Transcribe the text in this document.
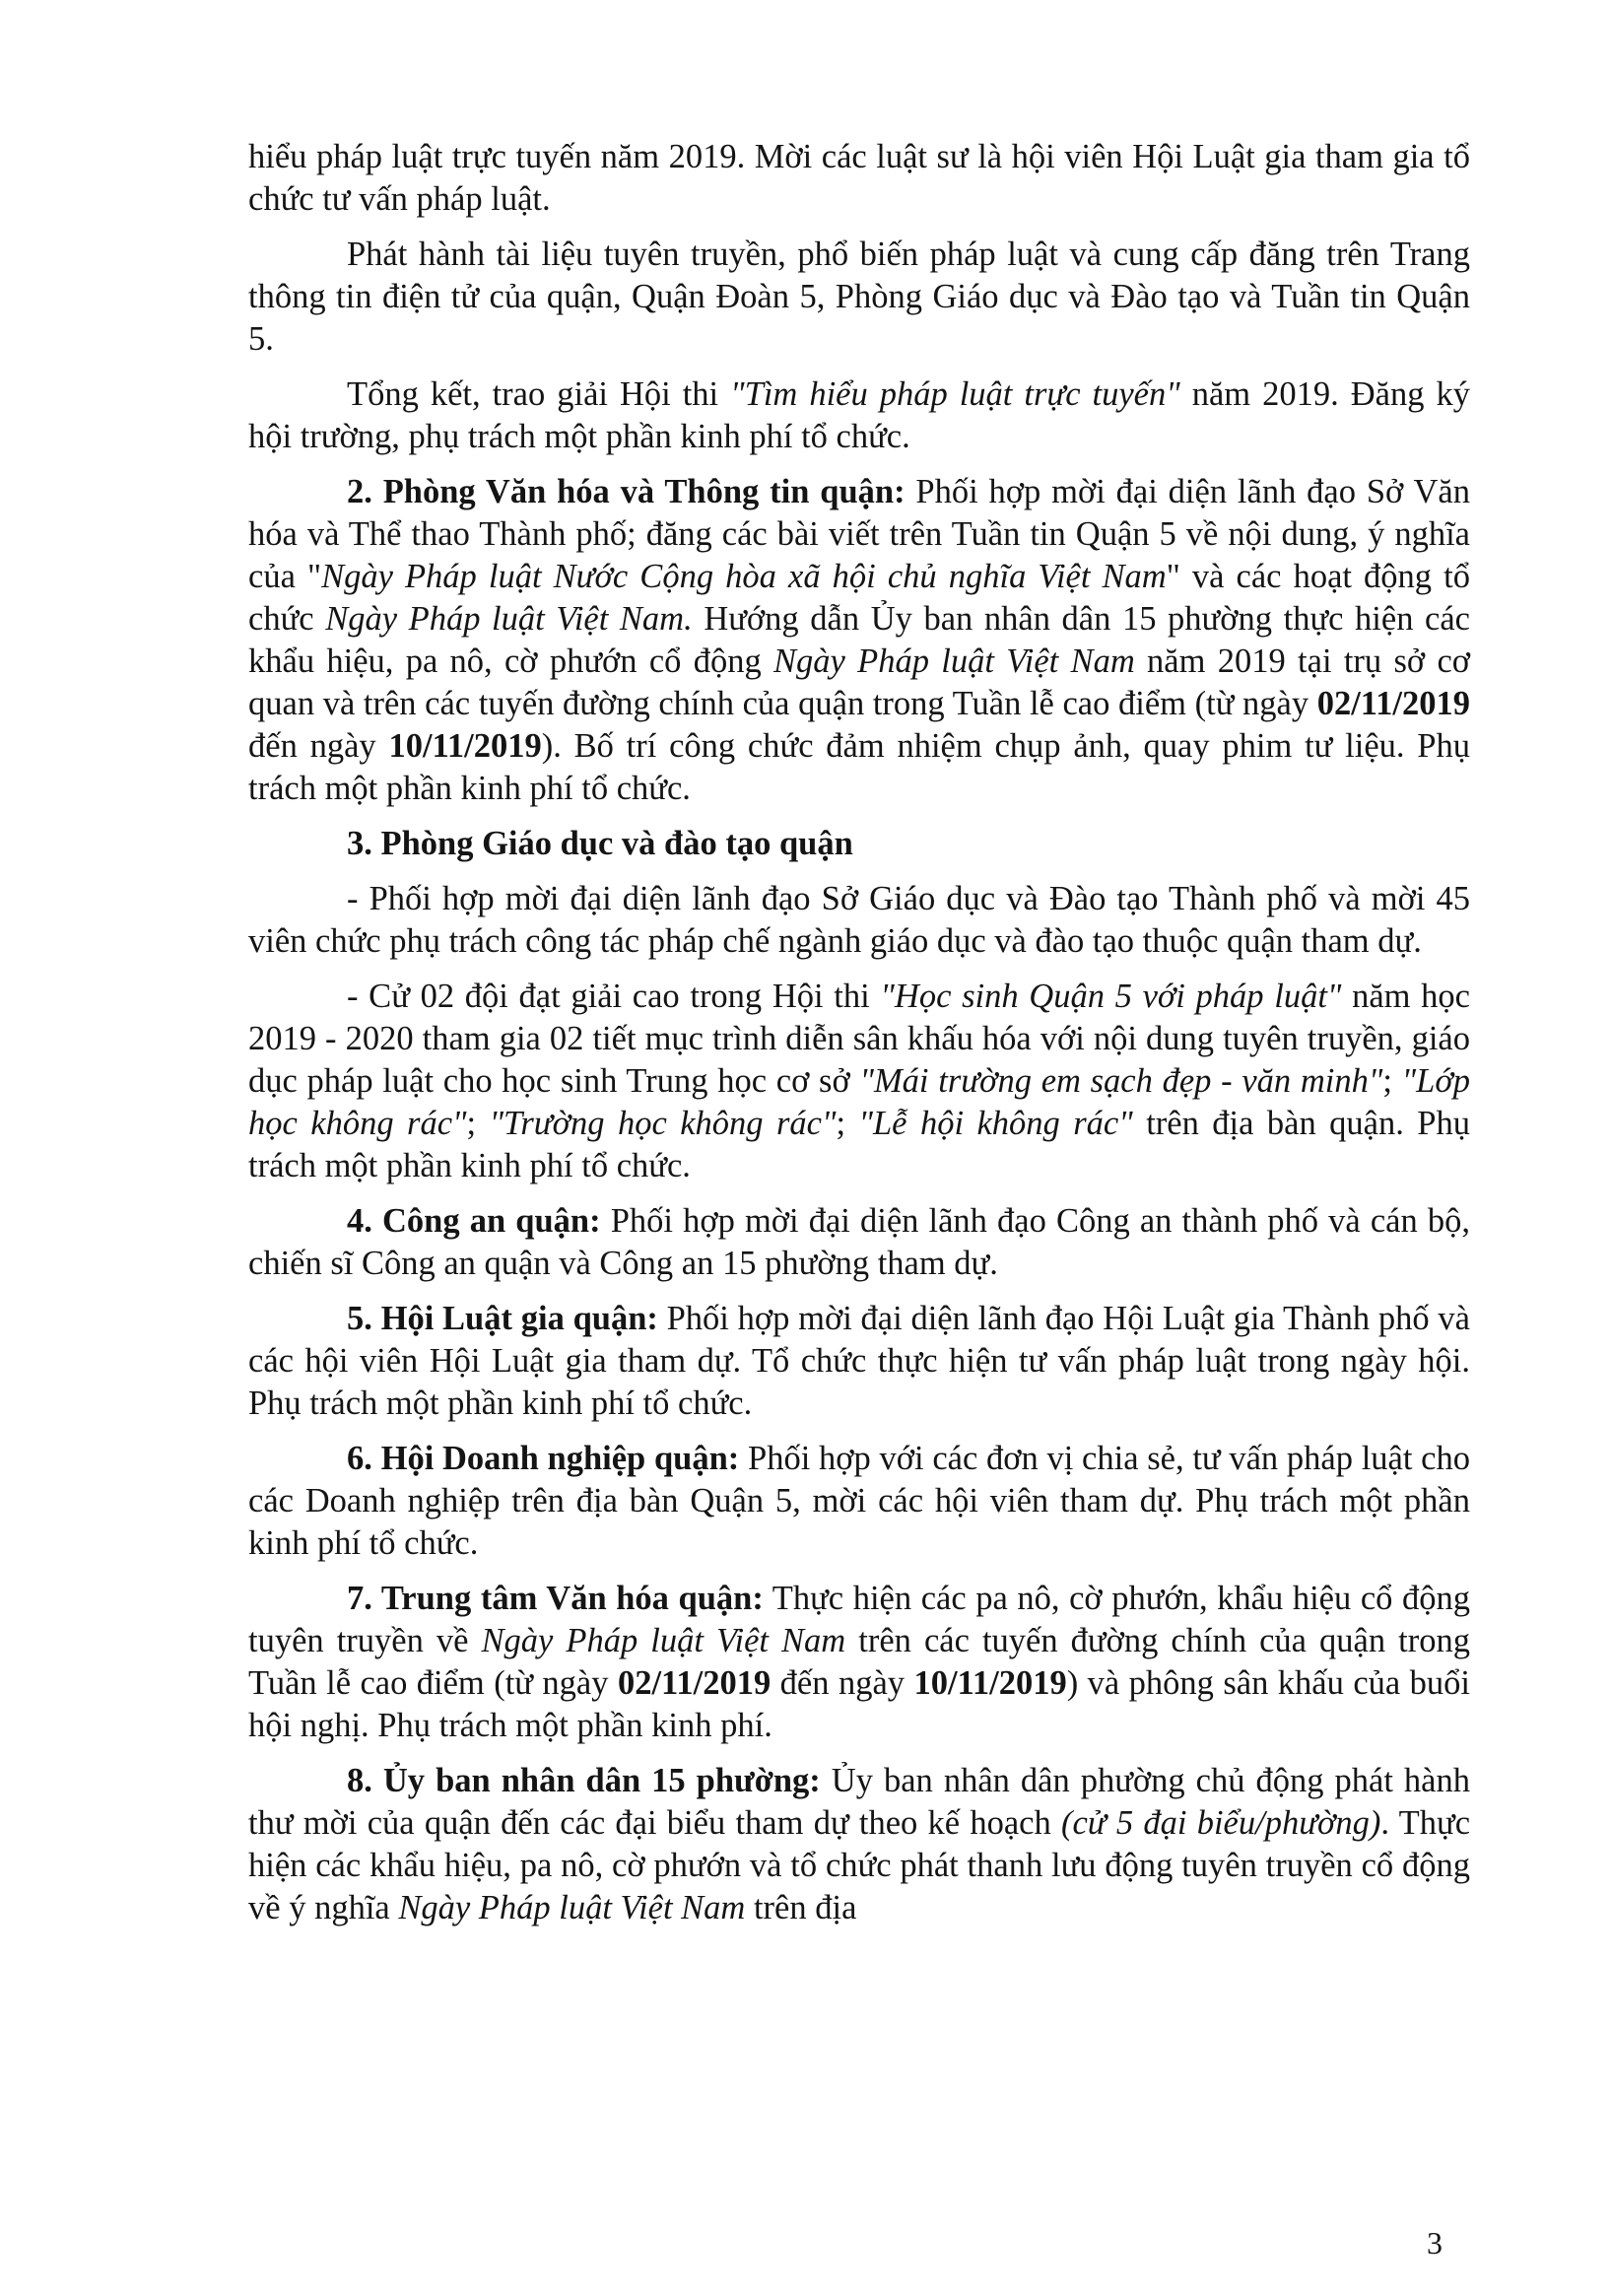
hiểu pháp luật trực tuyến năm 2019. Mời các luật sư là hội viên Hội Luật gia tham gia tổ chức tư vấn pháp luật.

Phát hành tài liệu tuyên truyền, phổ biến pháp luật và cung cấp đăng trên Trang thông tin điện tử của quận, Quận Đoàn 5, Phòng Giáo dục và Đào tạo và Tuần tin Quận 5.

Tổng kết, trao giải Hội thi "Tìm hiểu pháp luật trực tuyến" năm 2019. Đăng ký hội trường, phụ trách một phần kinh phí tổ chức.

2. Phòng Văn hóa và Thông tin quận: Phối hợp mời đại diện lãnh đạo Sở Văn hóa và Thể thao Thành phố; đăng các bài viết trên Tuần tin Quận 5 về nội dung, ý nghĩa của "Ngày Pháp luật Nước Cộng hòa xã hội chủ nghĩa Việt Nam" và các hoạt động tổ chức Ngày Pháp luật Việt Nam. Hướng dẫn Ủy ban nhân dân 15 phường thực hiện các khẩu hiệu, pa nô, cờ phướn cổ động Ngày Pháp luật Việt Nam năm 2019 tại trụ sở cơ quan và trên các tuyến đường chính của quận trong Tuần lễ cao điểm (từ ngày 02/11/2019 đến ngày 10/11/2019). Bố trí công chức đảm nhiệm chụp ảnh, quay phim tư liệu. Phụ trách một phần kinh phí tổ chức.

3. Phòng Giáo dục và đào tạo quận

- Phối hợp mời đại diện lãnh đạo Sở Giáo dục và Đào tạo Thành phố và mời 45 viên chức phụ trách công tác pháp chế ngành giáo dục và đào tạo thuộc quận tham dự.

- Cử 02 đội đạt giải cao trong Hội thi "Học sinh Quận 5 với pháp luật" năm học 2019 - 2020 tham gia 02 tiết mục trình diễn sân khấu hóa với nội dung tuyên truyền, giáo dục pháp luật cho học sinh Trung học cơ sở "Mái trường em sạch đẹp - văn minh"; "Lớp học không rác"; "Trường học không rác"; "Lễ hội không rác" trên địa bàn quận. Phụ trách một phần kinh phí tổ chức.

4. Công an quận: Phối hợp mời đại diện lãnh đạo Công an thành phố và cán bộ, chiến sĩ Công an quận và Công an 15 phường tham dự.

5. Hội Luật gia quận: Phối hợp mời đại diện lãnh đạo Hội Luật gia Thành phố và các hội viên Hội Luật gia tham dự. Tổ chức thực hiện tư vấn pháp luật trong ngày hội. Phụ trách một phần kinh phí tổ chức.

6. Hội Doanh nghiệp quận: Phối hợp với các đơn vị chia sẻ, tư vấn pháp luật cho các Doanh nghiệp trên địa bàn Quận 5, mời các hội viên tham dự. Phụ trách một phần kinh phí tổ chức.

7. Trung tâm Văn hóa quận: Thực hiện các pa nô, cờ phướn, khẩu hiệu cổ động tuyên truyền về Ngày Pháp luật Việt Nam trên các tuyến đường chính của quận trong Tuần lễ cao điểm (từ ngày 02/11/2019 đến ngày 10/11/2019) và phông sân khấu của buổi hội nghị. Phụ trách một phần kinh phí.

8. Ủy ban nhân dân 15 phường: Ủy ban nhân dân phường chủ động phát hành thư mời của quận đến các đại biểu tham dự theo kế hoạch (cử 5 đại biểu/phường). Thực hiện các khẩu hiệu, pa nô, cờ phướn và tổ chức phát thanh lưu động tuyên truyền cổ động về ý nghĩa Ngày Pháp luật Việt Nam trên địa

3
